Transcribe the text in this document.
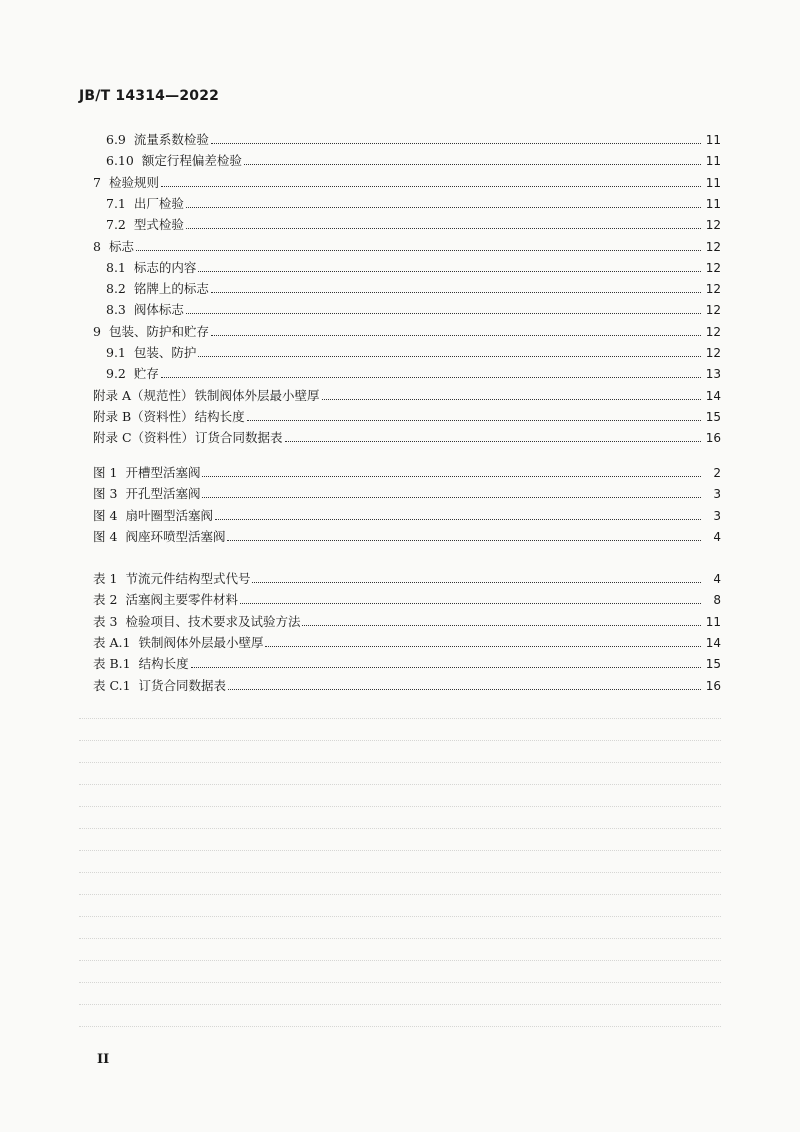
JB/T 14314—2022
6.9 流量系数检验	11
6.10 额定行程偏差检验	11
7 检验规则	11
7.1 出厂检验	11
7.2 型式检验	12
8 标志	12
8.1 标志的内容	12
8.2 铭牌上的标志	12
8.3 阀体标志	12
9 包装、防护和贮存	12
9.1 包装、防护	12
9.2 贮存	13
附录 A（规范性） 铁制阀体外层最小壁厚	14
附录 B（资料性） 结构长度	15
附录 C（资料性） 订货合同数据表	16
图 1 开槽型活塞阀	2
图 3 开孔型活塞阀	3
图 4 扇叶圈型活塞阀	3
图 4 阀座环喷型活塞阀	4
表 1 节流元件结构型式代号	4
表 2 活塞阀主要零件材料	8
表 3 检验项目、技术要求及试验方法	11
表 A.1 铁制阀体外层最小壁厚	14
表 B.1 结构长度	15
表 C.1 订货合同数据表	16
II
